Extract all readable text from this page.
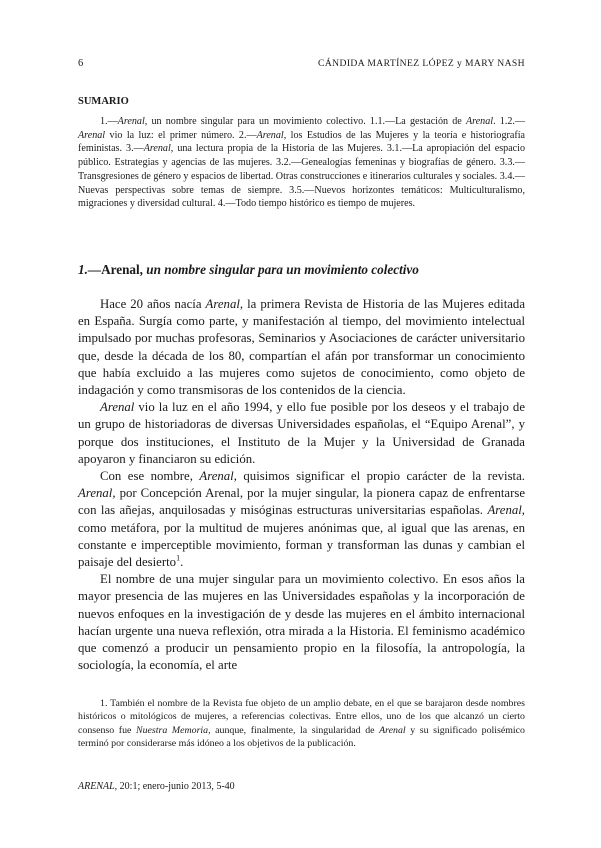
6	CÁNDIDA MARTÍNEZ LÓPEZ y MARY NASH
SUMARIO

1.—Arenal, un nombre singular para un movimiento colectivo. 1.1.—La gestación de Arenal. 1.2.—Arenal vio la luz: el primer número. 2.—Arenal, los Estudios de las Mujeres y la teoría e historiografía feministas. 3.—Arenal, una lectura propia de la Historia de las Mujeres. 3.1.—La apropiación del espacio público. Estrategias y agencias de las mujeres. 3.2.—Genealogías femeninas y biografías de género. 3.3.—Transgresiones de género y espacios de libertad. Otras construcciones e itinerarios culturales y sociales. 3.4.—Nuevas perspectivas sobre temas de siempre. 3.5.—Nuevos horizontes temáticos: Multiculturalismo, migraciones y diversidad cultural. 4.—Todo tiempo histórico es tiempo de mujeres.

1.—Arenal, un nombre singular para un movimiento colectivo

Hace 20 años nacía Arenal, la primera Revista de Historia de las Mujeres editada en España. Surgía como parte, y manifestación al tiempo, del movimiento intelectual impulsado por muchas profesoras, Seminarios y Asociaciones de carácter universitario que, desde la década de los 80, compartían el afán por transformar un conocimiento que había excluido a las mujeres como sujetos de conocimiento, como objeto de indagación y como transmisoras de los contenidos de la ciencia.

Arenal vio la luz en el año 1994, y ello fue posible por los deseos y el trabajo de un grupo de historiadoras de diversas Universidades españolas, el “Equipo Arenal”, y porque dos instituciones, el Instituto de la Mujer y la Universidad de Granada apoyaron y financiaron su edición.

Con ese nombre, Arenal, quisimos significar el propio carácter de la revista. Arenal, por Concepción Arenal, por la mujer singular, la pionera capaz de enfrentarse con las añejas, anquilosadas y misóginas estructuras universitarias españolas. Arenal, como metáfora, por la multitud de mujeres anónimas que, al igual que las arenas, en constante e imperceptible movimiento, forman y transforman las dunas y cambian el paisaje del desierto$^1$.

El nombre de una mujer singular para un movimiento colectivo. En esos años la mayor presencia de las mujeres en las Universidades españolas y la incorporación de nuevos enfoques en la investigación de y desde las mujeres en el ámbito internacional hacían urgente una nueva reflexión, otra mirada a la Historia. El feminismo académico que comenzó a producir un pensamiento propio en la filosofía, la antropología, la sociología, la economía, el arte

1. También el nombre de la Revista fue objeto de un amplio debate, en el que se barajaron desde nombres históricos o mitológicos de mujeres, a referencias colectivas. Entre ellos, uno de los que alcanzó un cierto consenso fue Nuestra Memoria, aunque, finalmente, la singularidad de Arenal y su significado polisémico terminó por considerarse más idóneo a los objetivos de la publicación.

ARENAL, 20:1; enero-junio 2013, 5-40
